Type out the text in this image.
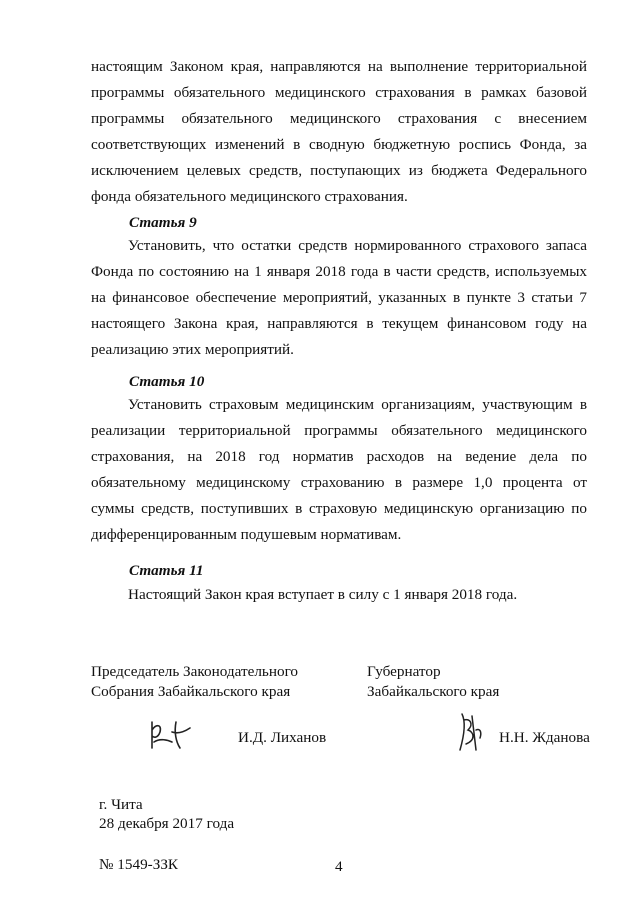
настоящим Законом края, направляются на выполнение территориальной программы обязательного медицинского страхования в рамках базовой программы обязательного медицинского страхования с внесением соответствующих изменений в сводную бюджетную роспись Фонда, за исключением целевых средств, поступающих из бюджета Федерального фонда обязательного медицинского страхования.
Статья 9
Установить, что остатки средств нормированного страхового запаса Фонда по состоянию на 1 января 2018 года в части средств, используемых на финансовое обеспечение мероприятий, указанных в пункте 3 статьи 7 настоящего Закона края, направляются в текущем финансовом году на реализацию этих мероприятий.
Статья 10
Установить страховым медицинским организациям, участвующим в реализации территориальной программы обязательного медицинского страхования, на 2018 год норматив расходов на ведение дела по обязательному медицинскому страхованию в размере 1,0 процента от суммы средств, поступивших в страховую медицинскую организацию по дифференцированным подушевым нормативам.
Статья 11
Настоящий Закон края вступает в силу с 1 января 2018 года.
Председатель Законодательного
Собрания Забайкальского края
И.Д. Лиханов
Губернатор
Забайкальского края
Н.Н. Жданова
г. Чита
28 декабря 2017 года
№ 1549-ЗЗК	4
